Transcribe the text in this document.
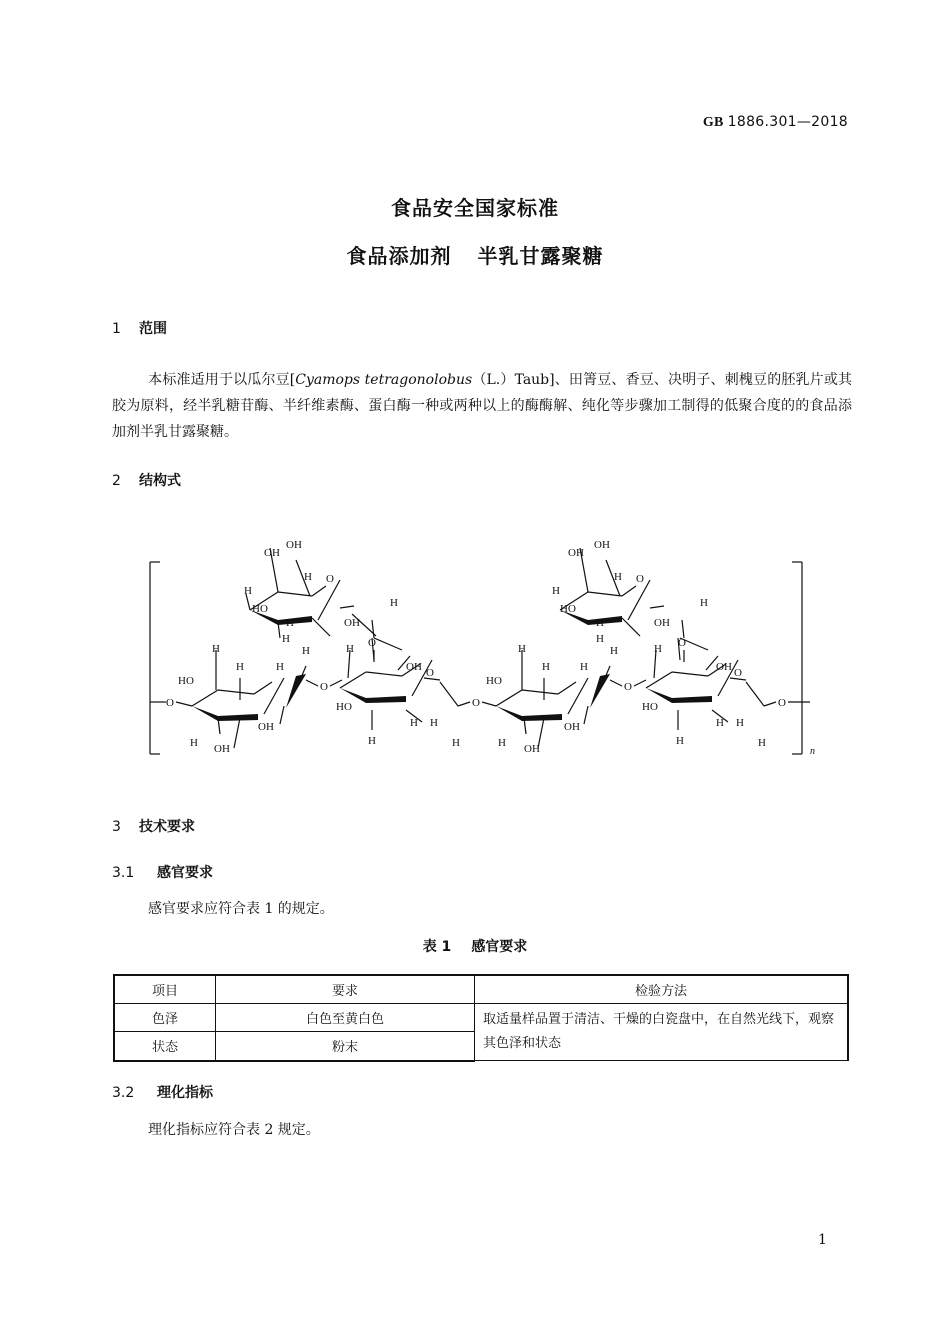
GB 1886.301—2018
食品安全国家标准
食品添加剂 半乳甘露聚糖
1 范围
本标准适用于以瓜尔豆[Cyamops tetragonolobus（L.）Taub]、田箐豆、香豆、决明子、刺槐豆的胚乳片或其胶为原料，经半乳糖苷酶、半纤维素酶、蛋白酶一种或两种以上的酶酶解、纯化等步骤加工制得的低聚合度的的食品添加剂半乳甘露聚糖。
2 结构式
n
OH
OH
H
HO
H
H
O
H
OH
H	O
OH
OH
H
HO
H
H
O
H
OH
H	O
O
H
HO
H	H
H OH
OH
H
O
H
OH O
HO
H
H H
H
O
H
HO
H	H
H OH
OH
H
O
H
OH O
HO
H
H H
H
O
3 技术要求
3.1 感官要求
感官要求应符合表 1 的规定。
表 1 感官要求
项目	要求	检验方法
色泽	白色至黄白色	取适量样品置于清洁、干燥的白瓷盘中，在自然光线下，观察其色泽和状态
状态	粉末	
3.2 理化指标
理化指标应符合表 2 规定。
1
